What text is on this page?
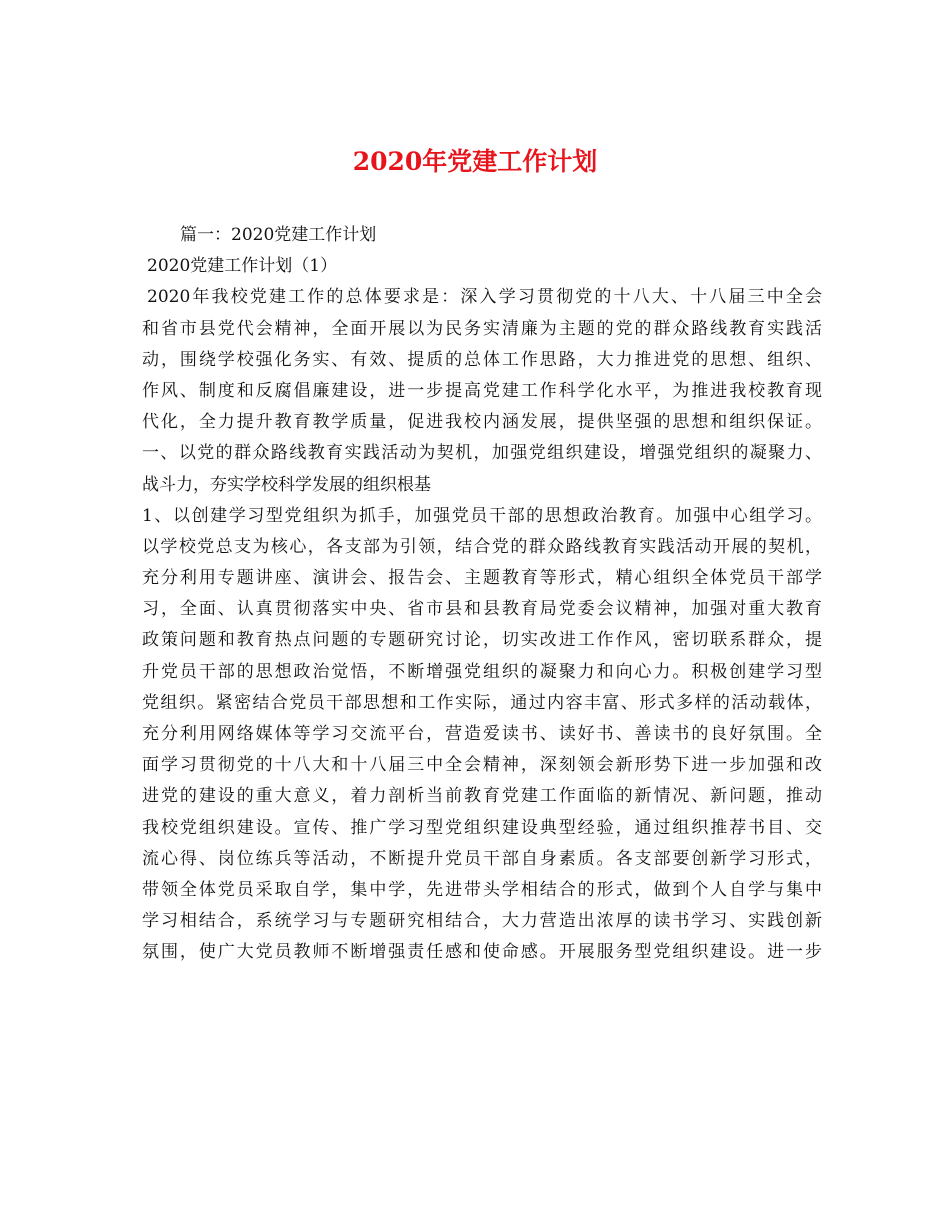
2020年党建工作计划
篇一：2020党建工作计划
2020党建工作计划（1）
2020年我校党建工作的总体要求是：深入学习贯彻党的十八大、十八届三中全会
和省市县党代会精神，全面开展以为民务实清廉为主题的党的群众路线教育实践活
动，围绕学校强化务实、有效、提质的总体工作思路，大力推进党的思想、组织、
作风、制度和反腐倡廉建设，进一步提高党建工作科学化水平，为推进我校教育现
代化，全力提升教育教学质量，促进我校内涵发展，提供坚强的思想和组织保证。
一、以党的群众路线教育实践活动为契机，加强党组织建设，增强党组织的凝聚力、
战斗力，夯实学校科学发展的组织根基
1、以创建学习型党组织为抓手，加强党员干部的思想政治教育。加强中心组学习。
以学校党总支为核心，各支部为引领，结合党的群众路线教育实践活动开展的契机，
充分利用专题讲座、演讲会、报告会、主题教育等形式，精心组织全体党员干部学
习，全面、认真贯彻落实中央、省市县和县教育局党委会议精神，加强对重大教育
政策问题和教育热点问题的专题研究讨论，切实改进工作作风，密切联系群众，提
升党员干部的思想政治觉悟，不断增强党组织的凝聚力和向心力。积极创建学习型
党组织。紧密结合党员干部思想和工作实际，通过内容丰富、形式多样的活动载体，
充分利用网络媒体等学习交流平台，营造爱读书、读好书、善读书的良好氛围。全
面学习贯彻党的十八大和十八届三中全会精神，深刻领会新形势下进一步加强和改
进党的建设的重大意义，着力剖析当前教育党建工作面临的新情况、新问题，推动
我校党组织建设。宣传、推广学习型党组织建设典型经验，通过组织推荐书目、交
流心得、岗位练兵等活动，不断提升党员干部自身素质。各支部要创新学习形式，
带领全体党员采取自学，集中学，先进带头学相结合的形式，做到个人自学与集中
学习相结合，系统学习与专题研究相结合，大力营造出浓厚的读书学习、实践创新
氛围，使广大党员教师不断增强责任感和使命感。开展服务型党组织建设。进一步
